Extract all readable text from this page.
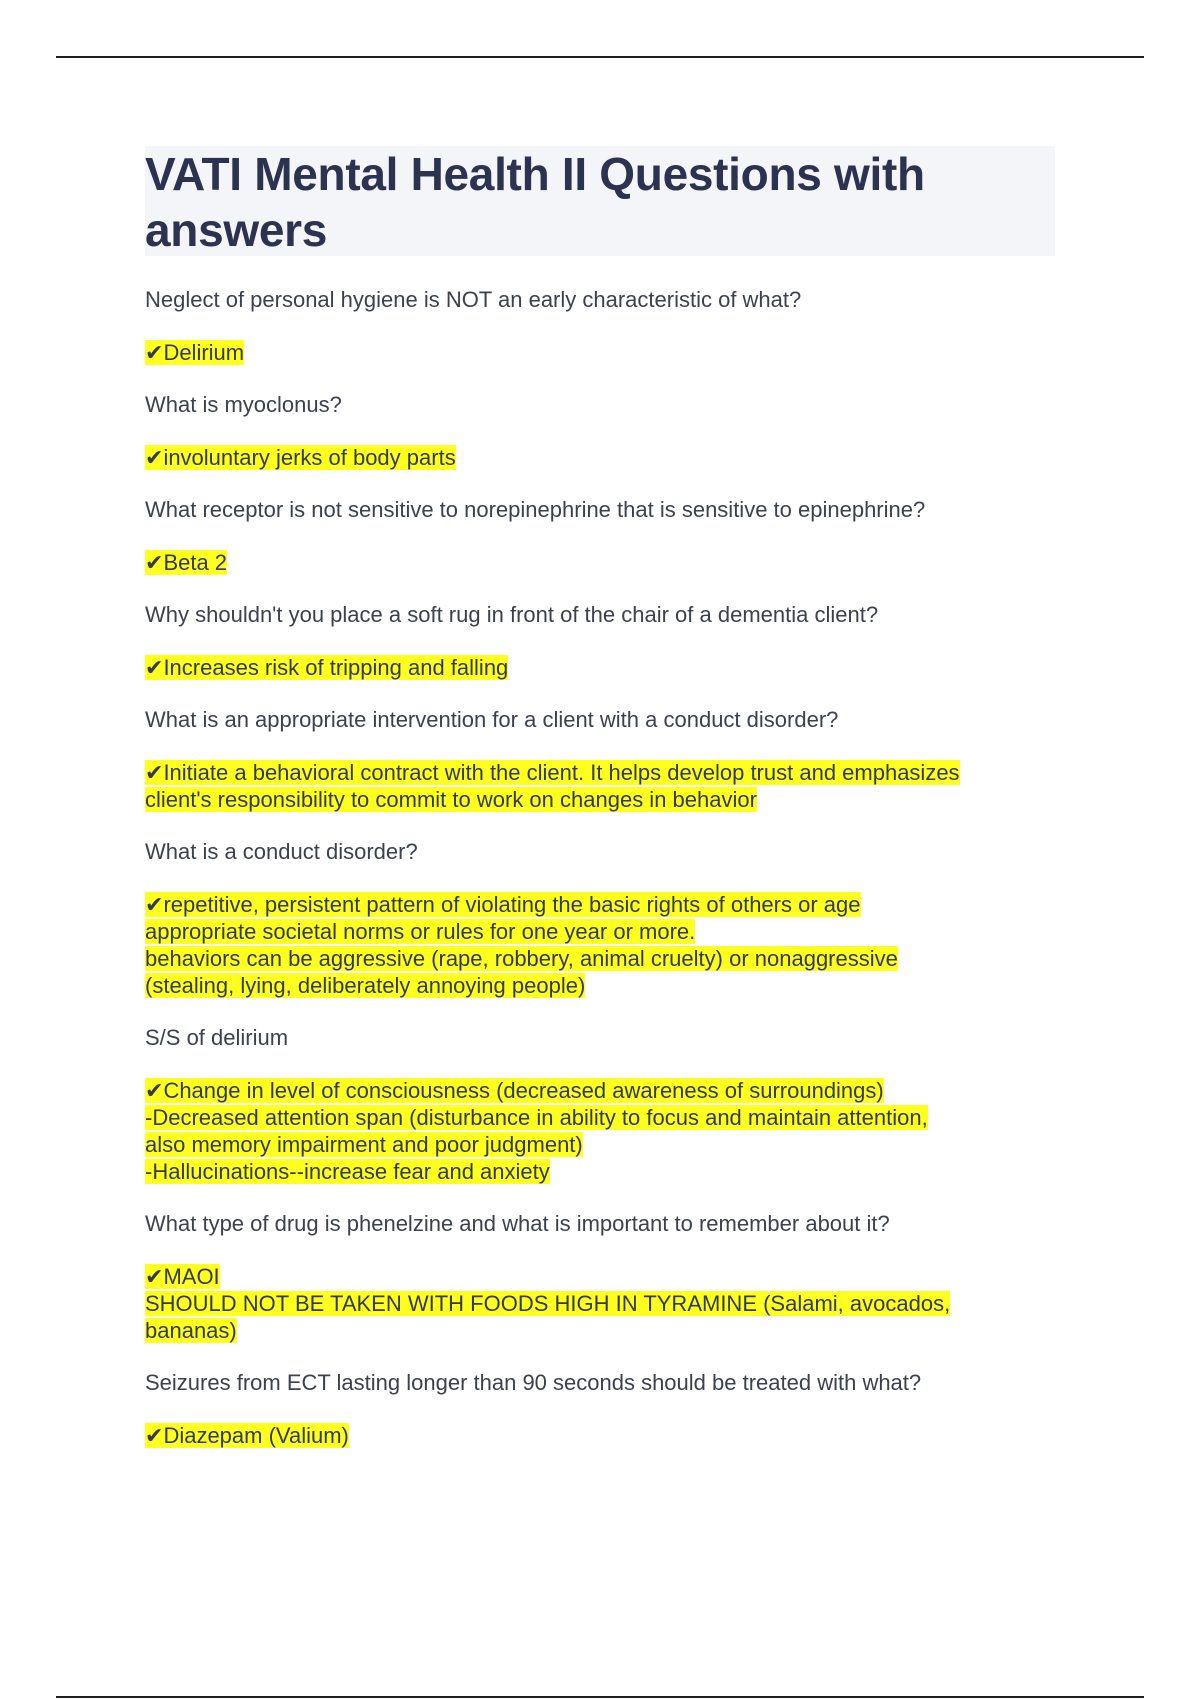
VATI Mental Health II Questions with answers

Neglect of personal hygiene is NOT an early characteristic of what?

✔Delirium

What is myoclonus?

✔involuntary jerks of body parts

What receptor is not sensitive to norepinephrine that is sensitive to epinephrine?

✔Beta 2

Why shouldn't you place a soft rug in front of the chair of a dementia client?

✔Increases risk of tripping and falling

What is an appropriate intervention for a client with a conduct disorder?

✔Initiate a behavioral contract with the client. It helps develop trust and emphasizes
client's responsibility to commit to work on changes in behavior

What is a conduct disorder?

✔repetitive, persistent pattern of violating the basic rights of others or age
appropriate societal norms or rules for one year or more.
behaviors can be aggressive (rape, robbery, animal cruelty) or nonaggressive
(stealing, lying, deliberately annoying people)

S/S of delirium

✔Change in level of consciousness (decreased awareness of surroundings)
-Decreased attention span (disturbance in ability to focus and maintain attention,
also memory impairment and poor judgment)
-Hallucinations--increase fear and anxiety

What type of drug is phenelzine and what is important to remember about it?

✔MAOI
SHOULD NOT BE TAKEN WITH FOODS HIGH IN TYRAMINE (Salami, avocados,
bananas)

Seizures from ECT lasting longer than 90 seconds should be treated with what?

✔Diazepam (Valium)
